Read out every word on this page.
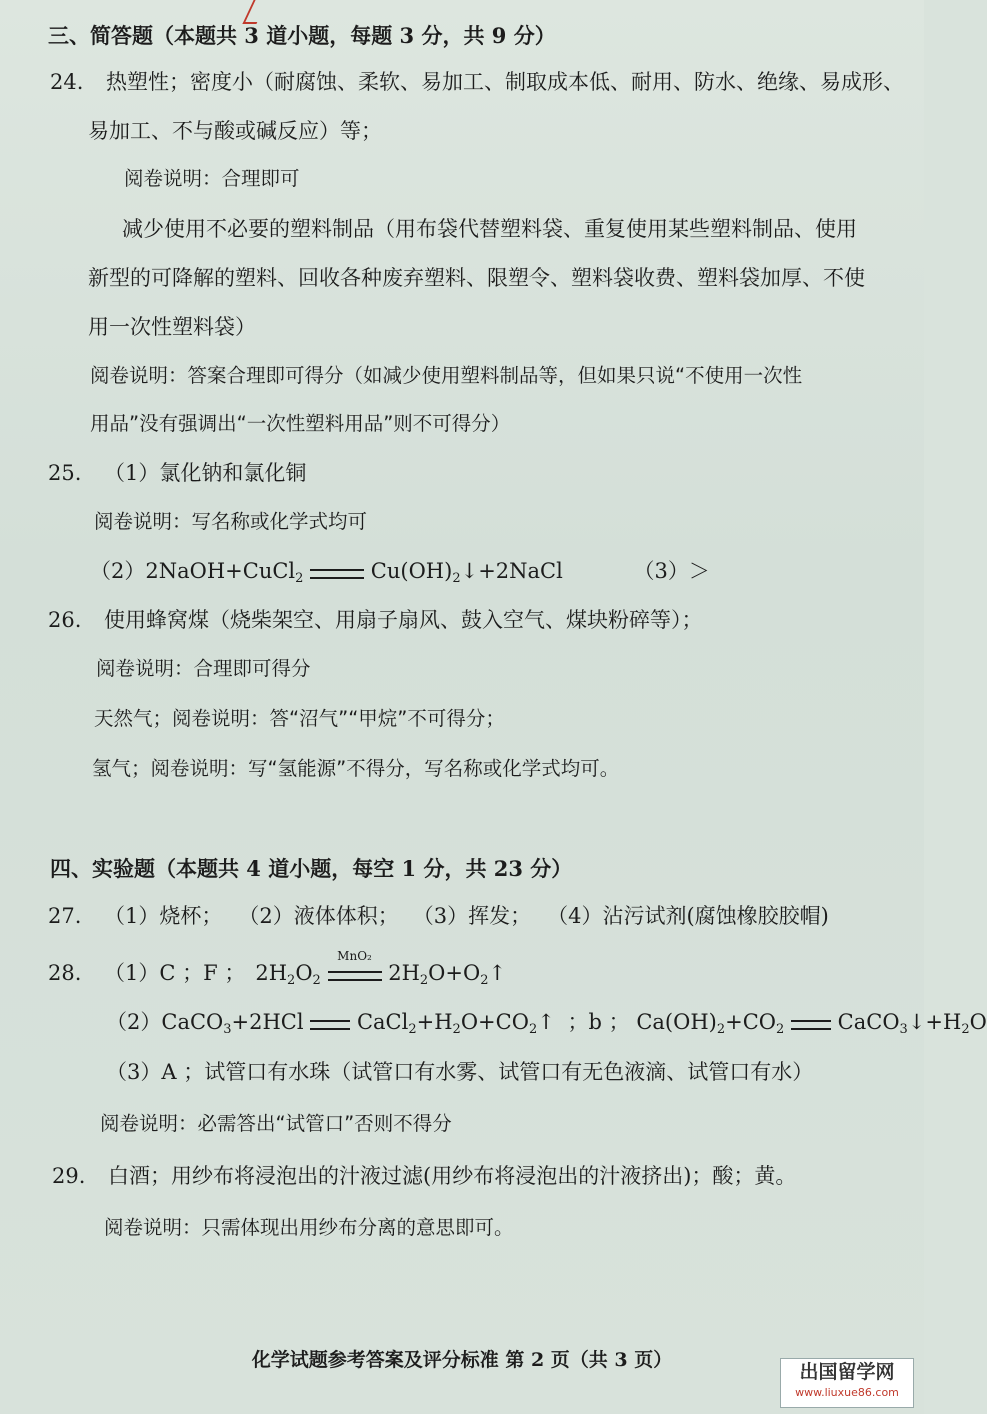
三、简答题（本题共 3 道小题，每题 3 分，共 9 分）
24. 热塑性；密度小（耐腐蚀、柔软、易加工、制取成本低、耐用、防水、绝缘、易成形、
易加工、不与酸或碱反应）等；
阅卷说明：合理即可
减少使用不必要的塑料制品（用布袋代替塑料袋、重复使用某些塑料制品、使用
新型的可降解的塑料、回收各种废弃塑料、限塑令、塑料袋收费、塑料袋加厚、不使
用一次性塑料袋）
阅卷说明：答案合理即可得分（如减少使用塑料制品等，但如果只说“不使用一次性
用品”没有强调出“一次性塑料用品”则不可得分）
25. （1）氯化钠和氯化铜
阅卷说明：写名称或化学式均可
（2）2NaOH+CuCl$_2$	$Cu(OH)_2↓+2NaCl$	（3）＞
26. 使用蜂窝煤（烧柴架空、用扇子扇风、鼓入空气、煤块粉碎等）；
阅卷说明：合理即可得分
天然气；阅卷说明：答“沼气”“甲烷”不可得分；
氢气；阅卷说明：写“氢能源”不得分，写名称或化学式均可。
四、实验题（本题共 4 道小题，每空 1 分，共 23 分）
27. （1）烧杯； （2）液体体积； （3）挥发； （4）沾污试剂(腐蚀橡胶胶帽)
28. （1）C ；F ； $2H_2O_2$
MnO₂
$2H_2O+O_2↑$
（2）CaCO$_3$+2HCl	$CaCl_2+H_2O+CO_2↑$ ；b ； $Ca(OH)_2+CO_2$	$CaCO_3↓+H_2O$
（3）A ；试管口有水珠（试管口有水雾、试管口有无色液滴、试管口有水）
阅卷说明：必需答出“试管口”否则不得分
29. 白酒；用纱布将浸泡出的汁液过滤(用纱布将浸泡出的汁液挤出)；酸；黄。
阅卷说明：只需体现出用纱布分离的意思即可。
化学试题参考答案及评分标准 第 2 页（共 3 页）
出国留学网
www.liuxue86.com
